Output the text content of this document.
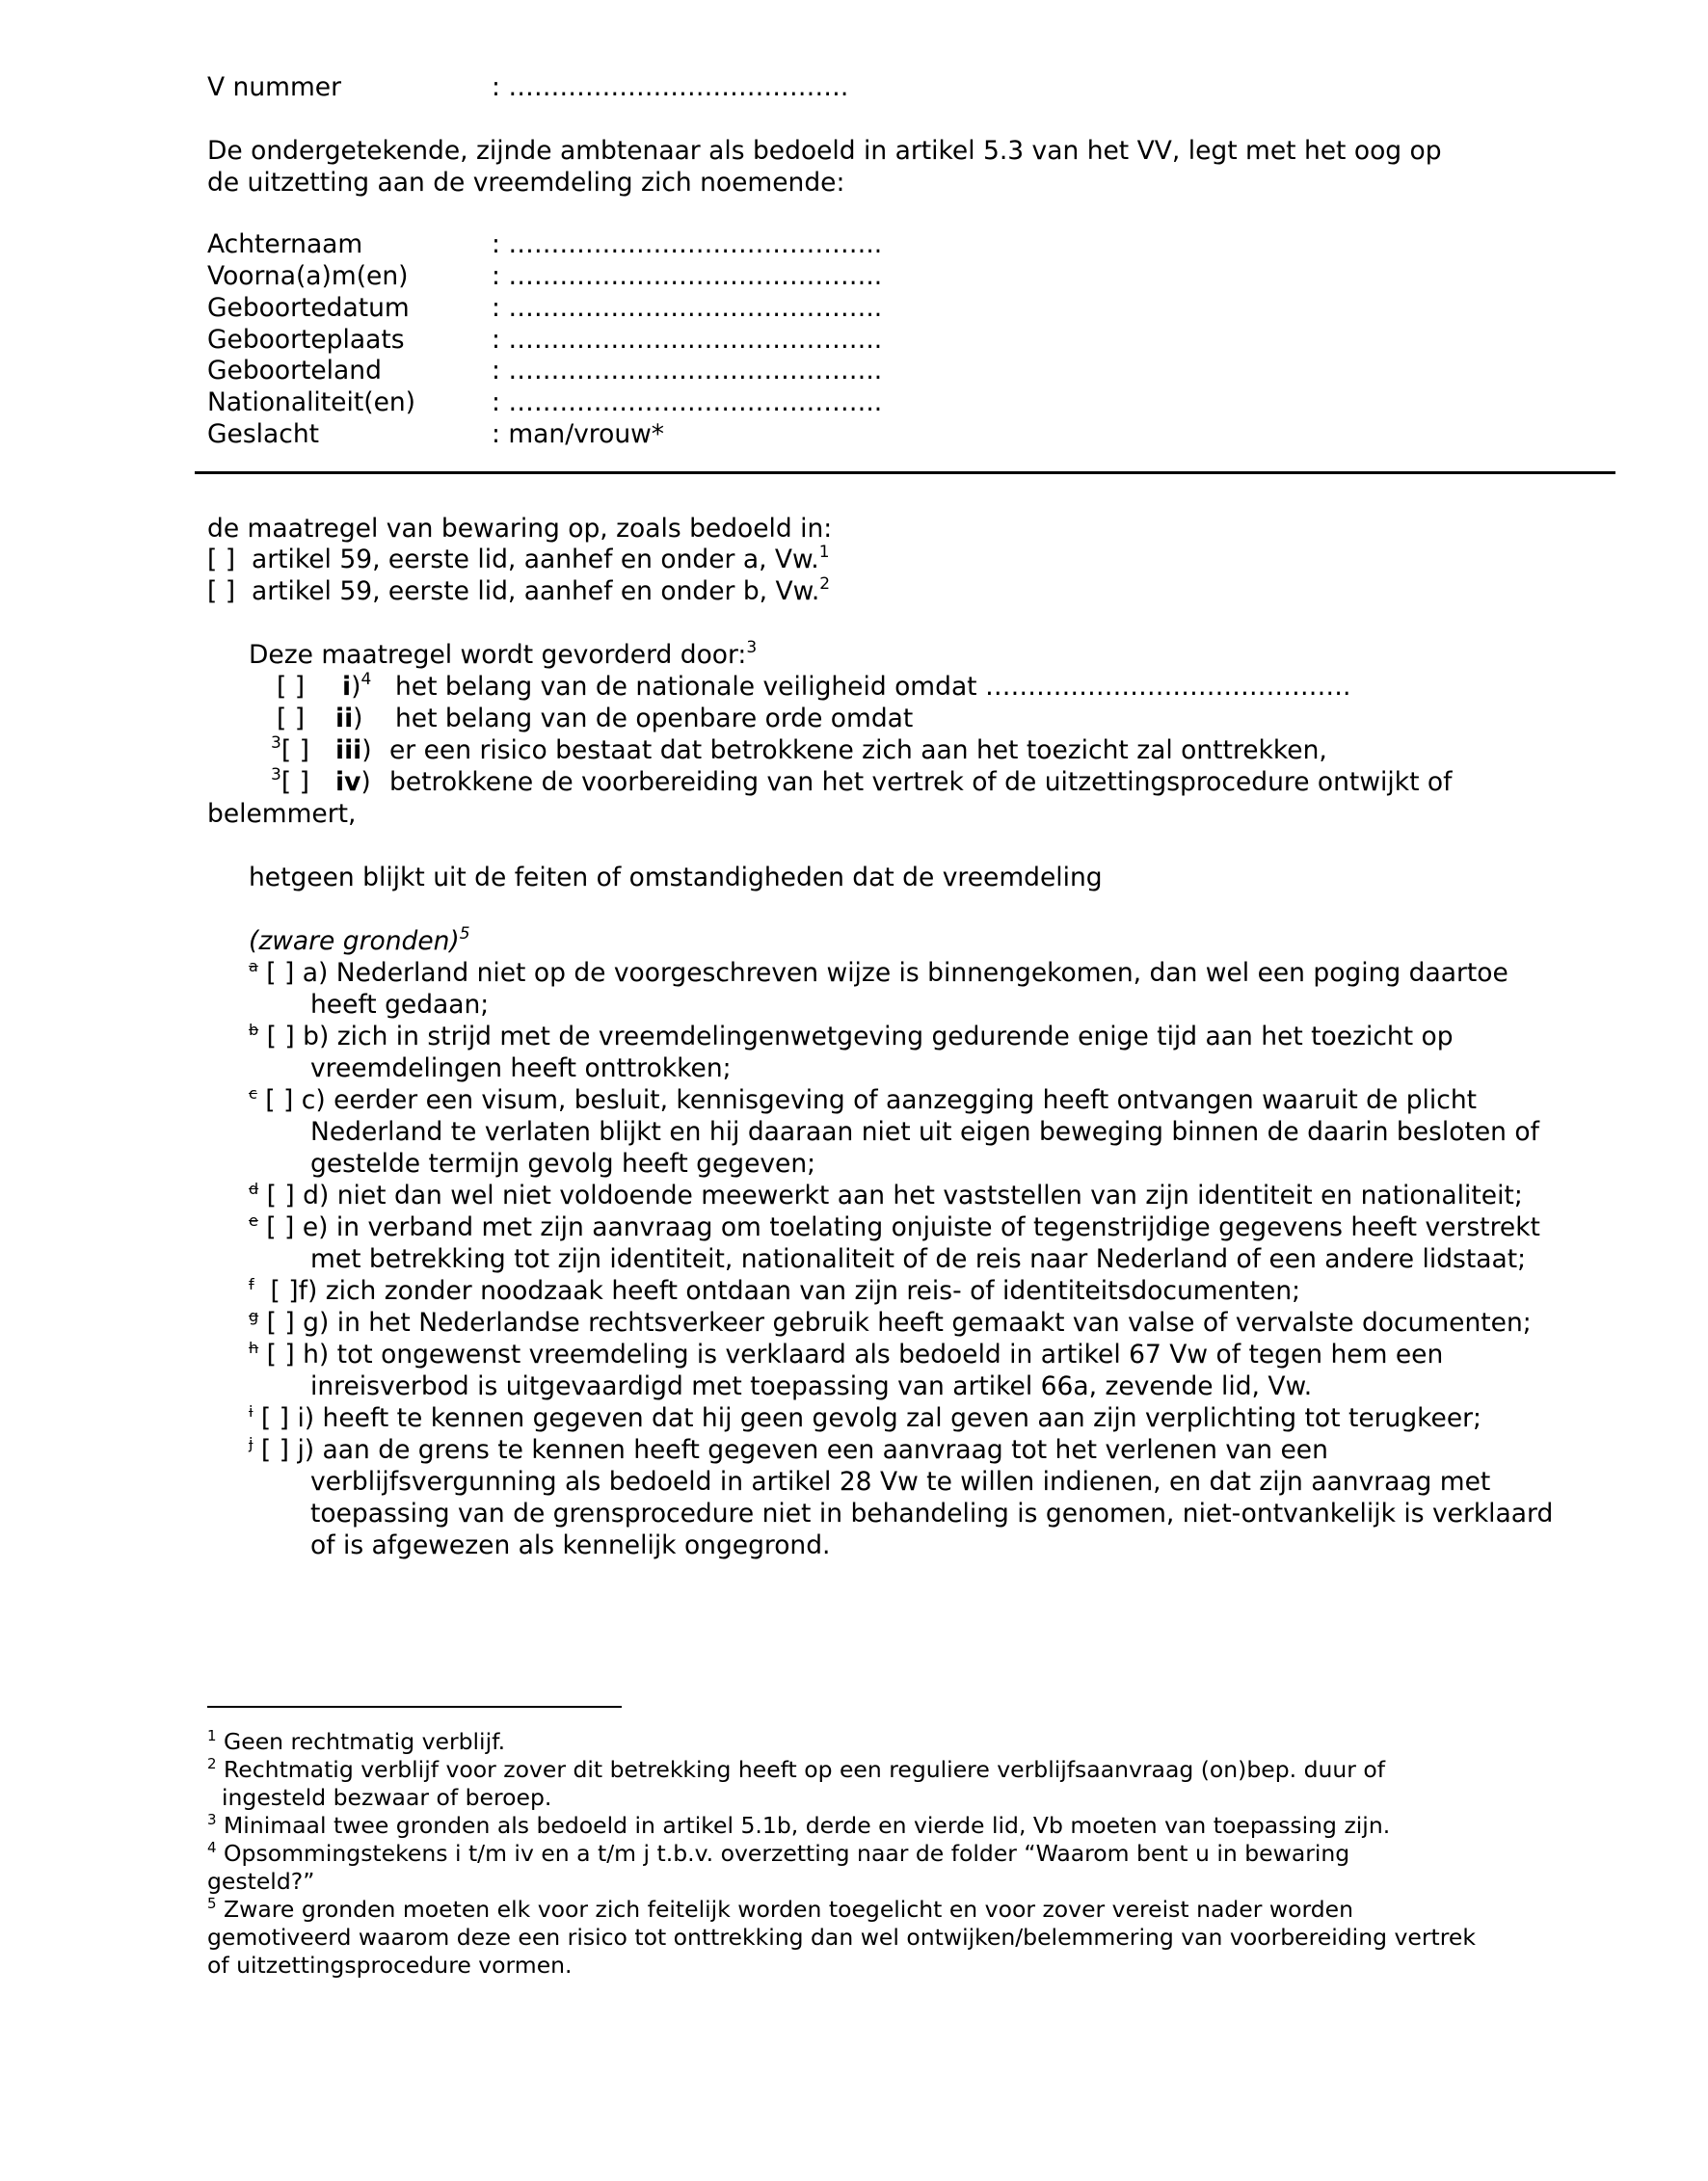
V nummer	: ………………………………….
De ondergetekende, zijnde ambtenaar als bedoeld in artikel 5.3 van het VV, legt met het oog op
de uitzetting aan de vreemdeling zich noemende:
Achternaam	: ……………………………………..
Voorna(a)m(en)	: ……………………………………..
Geboortedatum	: ……………………………………..
Geboorteplaats	: ……………………………………..
Geboorteland	: ……………………………………..
Nationaliteit(en)	: ……………………………………..
Geslacht	: man/vrouw*
de maatregel van bewaring op, zoals bedoeld in:
[ ] artikel 59, eerste lid, aanhef en onder a, Vw.$^1$
[ ] artikel 59, eerste lid, aanhef en onder b, Vw.$^2$
Deze maatregel wordt gevorderd door:$^3$
[ ] i)$^4$ het belang van de nationale veiligheid omdat …………………………………….
[ ] ii) het belang van de openbare orde omdat
$^3$[ ] iii) er een risico bestaat dat betrokkene zich aan het toezicht zal onttrekken,
$^3$[ ] iv) betrokkene de voorbereiding van het vertrek of de uitzettingsprocedure ontwijkt of
belemmert,
hetgeen blijkt uit de feiten of omstandigheden dat de vreemdeling
(zware gronden)$^5$
$^a$ [ ] a) Nederland niet op de voorgeschreven wijze is binnengekomen, dan wel een poging daartoe
heeft gedaan;
$^b$ [ ] b) zich in strijd met de vreemdelingenwetgeving gedurende enige tijd aan het toezicht op
vreemdelingen heeft onttrokken;
$^c$ [ ] c) eerder een visum, besluit, kennisgeving of aanzegging heeft ontvangen waaruit de plicht
Nederland te verlaten blijkt en hij daaraan niet uit eigen beweging binnen de daarin besloten of
gestelde termijn gevolg heeft gegeven;
$^d$ [ ] d) niet dan wel niet voldoende meewerkt aan het vaststellen van zijn identiteit en nationaliteit;
$^e$ [ ] e) in verband met zijn aanvraag om toelating onjuiste of tegenstrijdige gegevens heeft verstrekt
met betrekking tot zijn identiteit, nationaliteit of de reis naar Nederland of een andere lidstaat;
$^f$ [ ]f) zich zonder noodzaak heeft ontdaan van zijn reis- of identiteitsdocumenten;
$^g$ [ ] g) in het Nederlandse rechtsverkeer gebruik heeft gemaakt van valse of vervalste documenten;
$^h$ [ ] h) tot ongewenst vreemdeling is verklaard als bedoeld in artikel 67 Vw of tegen hem een
inreisverbod is uitgevaardigd met toepassing van artikel 66a, zevende lid, Vw.
$^i$ [ ] i) heeft te kennen gegeven dat hij geen gevolg zal geven aan zijn verplichting tot terugkeer;
$^j$ [ ] j) aan de grens te kennen heeft gegeven een aanvraag tot het verlenen van een
verblijfsvergunning als bedoeld in artikel 28 Vw te willen indienen, en dat zijn aanvraag met
toepassing van de grensprocedure niet in behandeling is genomen, niet-ontvankelijk is verklaard
of is afgewezen als kennelijk ongegrond.
$^1$ Geen rechtmatig verblijf.
$^2$ Rechtmatig verblijf voor zover dit betrekking heeft op een reguliere verblijfsaanvraag (on)bep. duur of
ingesteld bezwaar of beroep.
$^3$ Minimaal twee gronden als bedoeld in artikel 5.1b, derde en vierde lid, Vb moeten van toepassing zijn.
$^4$ Opsommingstekens i t/m iv en a t/m j t.b.v. overzetting naar de folder “Waarom bent u in bewaring
gesteld?”
$^5$ Zware gronden moeten elk voor zich feitelijk worden toegelicht en voor zover vereist nader worden
gemotiveerd waarom deze een risico tot onttrekking dan wel ontwijken/belemmering van voorbereiding vertrek
of uitzettingsprocedure vormen.
